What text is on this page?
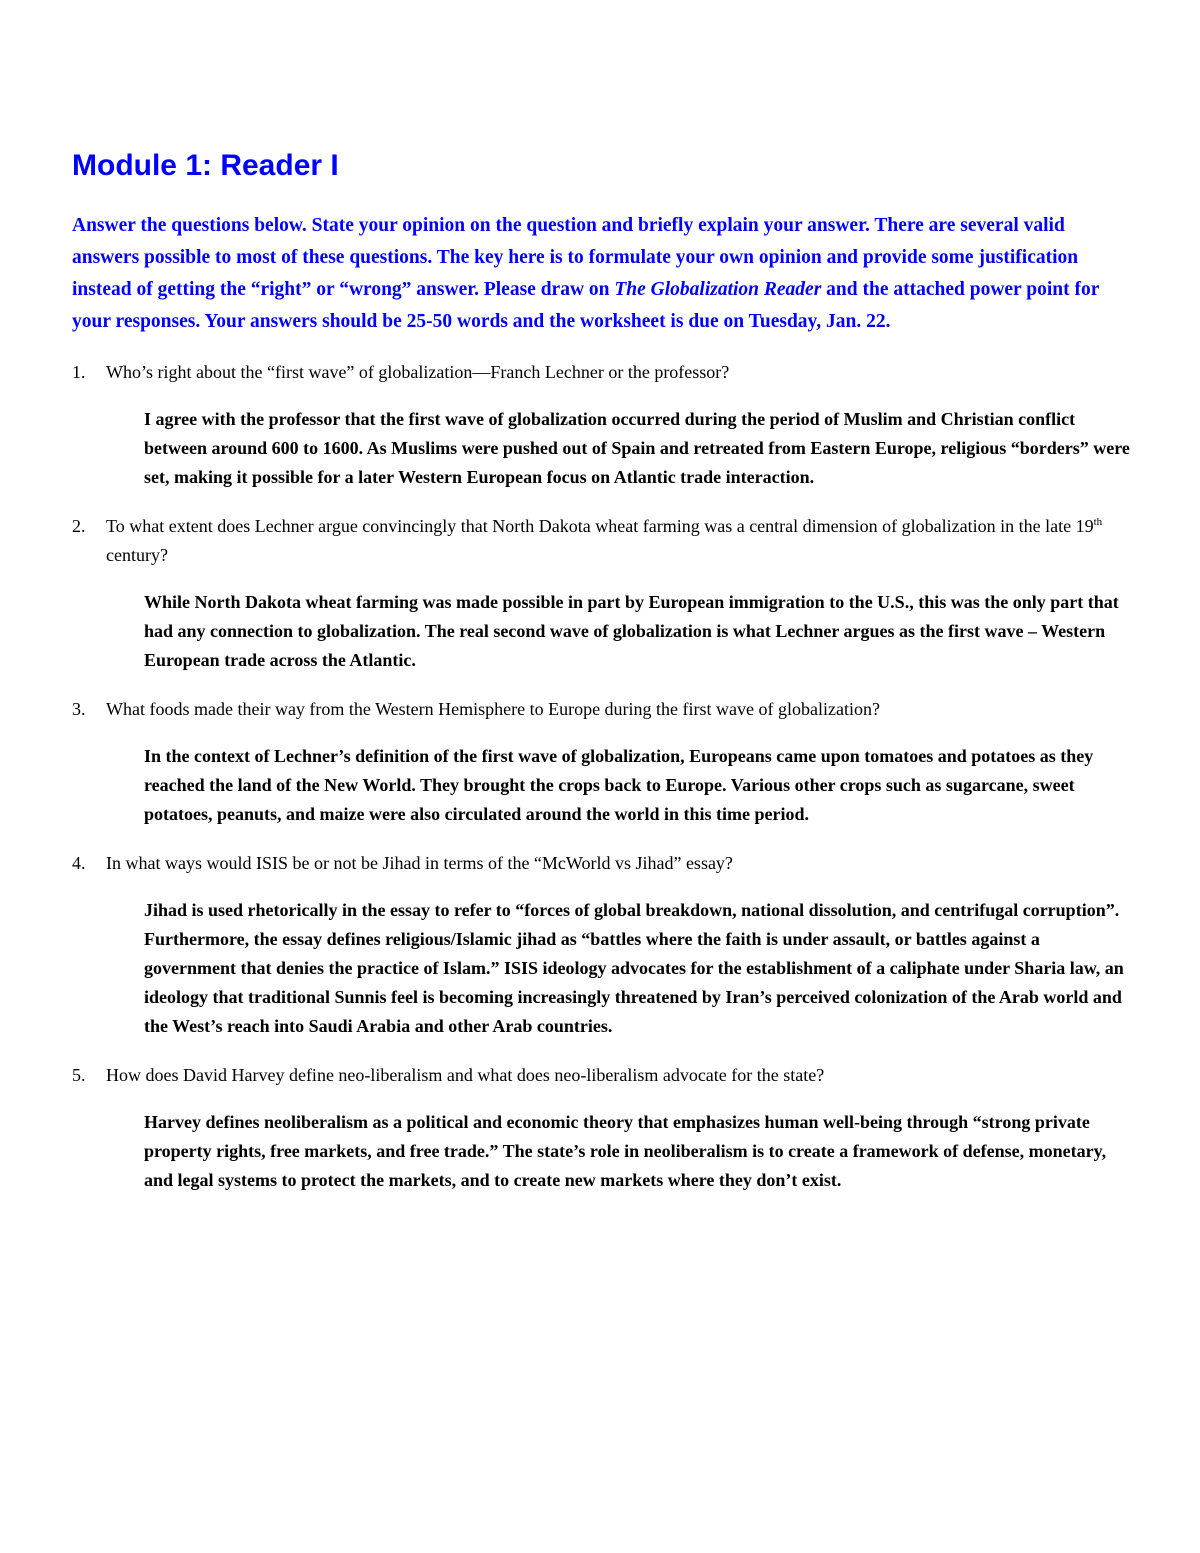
Module 1: Reader I

Answer the questions below. State your opinion on the question and briefly explain your answer. There are several valid answers possible to most of these questions. The key here is to formulate your own opinion and provide some justification instead of getting the “right” or “wrong” answer. Please draw on The Globalization Reader and the attached power point for your responses. Your answers should be 25-50 words and the worksheet is due on Tuesday, Jan. 22.

1. Who’s right about the “first wave” of globalization—Franch Lechner or the professor?
I agree with the professor that the first wave of globalization occurred during the period of Muslim and Christian conflict between around 600 to 1600. As Muslims were pushed out of Spain and retreated from Eastern Europe, religious “borders” were set, making it possible for a later Western European focus on Atlantic trade interaction.
2. To what extent does Lechner argue convincingly that North Dakota wheat farming was a central dimension of globalization in the late 19th century?
While North Dakota wheat farming was made possible in part by European immigration to the U.S., this was the only part that had any connection to globalization. The real second wave of globalization is what Lechner argues as the first wave – Western European trade across the Atlantic.
3. What foods made their way from the Western Hemisphere to Europe during the first wave of globalization?
In the context of Lechner’s definition of the first wave of globalization, Europeans came upon tomatoes and potatoes as they reached the land of the New World. They brought the crops back to Europe. Various other crops such as sugarcane, sweet potatoes, peanuts, and maize were also circulated around the world in this time period.
4. In what ways would ISIS be or not be Jihad in terms of the “McWorld vs Jihad” essay?
Jihad is used rhetorically in the essay to refer to “forces of global breakdown, national dissolution, and centrifugal corruption”. Furthermore, the essay defines religious/Islamic jihad as “battles where the faith is under assault, or battles against a government that denies the practice of Islam.” ISIS ideology advocates for the establishment of a caliphate under Sharia law, an ideology that traditional Sunnis feel is becoming increasingly threatened by Iran’s perceived colonization of the Arab world and the West’s reach into Saudi Arabia and other Arab countries.
5. How does David Harvey define neo-liberalism and what does neo-liberalism advocate for the state?
Harvey defines neoliberalism as a political and economic theory that emphasizes human well-being through “strong private property rights, free markets, and free trade.” The state’s role in neoliberalism is to create a framework of defense, monetary, and legal systems to protect the markets, and to create new markets where they don’t exist.
